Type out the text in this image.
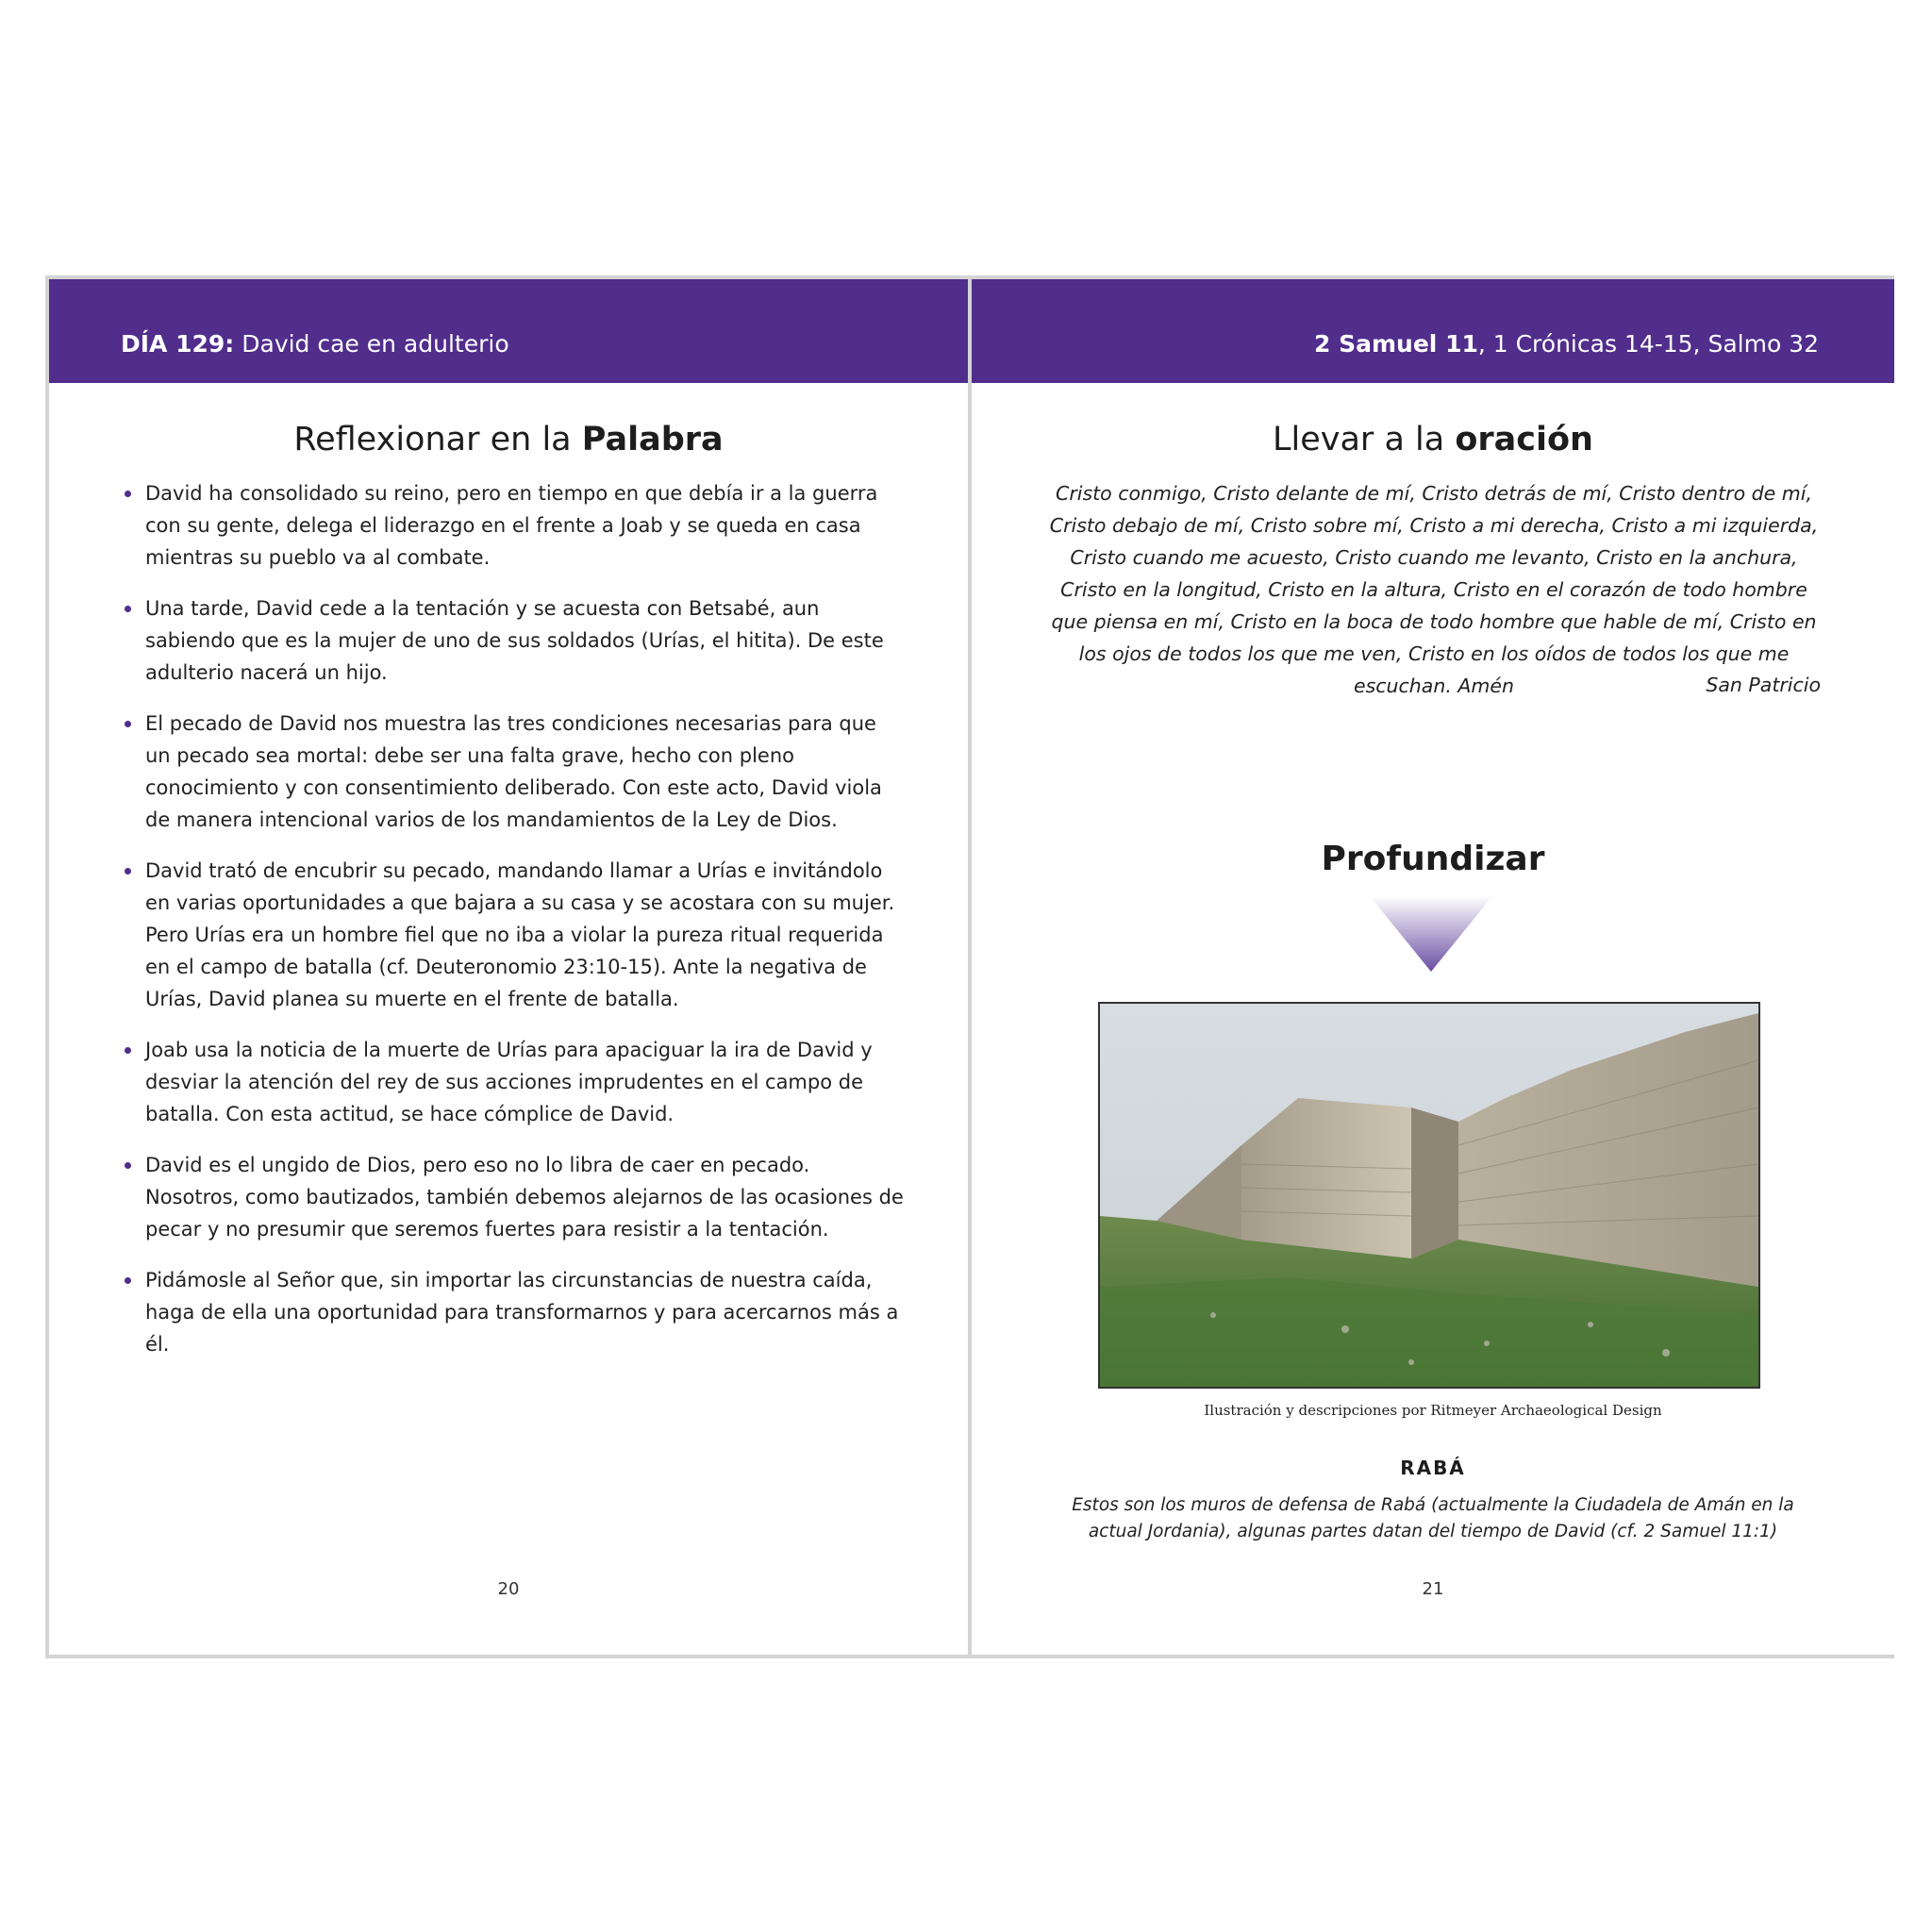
DÍA 129: David cae en adulterio
Reflexionar en la Palabra
David ha consolidado su reino, pero en tiempo en que debía ir a la guerra con su gente, delega el liderazgo en el frente a Joab y se queda en casa mientras su pueblo va al combate.
Una tarde, David cede a la tentación y se acuesta con Betsabé, aun sabiendo que es la mujer de uno de sus soldados (Urías, el hitita). De este adulterio nacerá un hijo.
El pecado de David nos muestra las tres condiciones necesarias para que un pecado sea mortal: debe ser una falta grave, hecho con pleno conocimiento y con consentimiento deliberado. Con este acto, David viola de manera intencional varios de los mandamientos de la Ley de Dios.
David trató de encubrir su pecado, mandando llamar a Urías e invitándolo en varias oportunidades a que bajara a su casa y se acostara con su mujer. Pero Urías era un hombre fiel que no iba a violar la pureza ritual requerida en el campo de batalla (cf. Deuteronomio 23:10-15). Ante la negativa de Urías, David planea su muerte en el frente de batalla.
Joab usa la noticia de la muerte de Urías para apaciguar la ira de David y desviar la atención del rey de sus acciones imprudentes en el campo de batalla. Con esta actitud, se hace cómplice de David.
David es el ungido de Dios, pero eso no lo libra de caer en pecado. Nosotros, como bautizados, también debemos alejarnos de las ocasiones de pecar y no presumir que seremos fuertes para resistir a la tentación.
Pidámosle al Señor que, sin importar las circunstancias de nuestra caída, haga de ella una oportunidad para transformarnos y para acercarnos más a él.
20
2 Samuel 11 , 1 Crónicas 14-15, Salmo 32
Llevar a la oración

Cristo conmigo, Cristo delante de mí, Cristo detrás de mí, Cristo dentro de mí, Cristo debajo de mí, Cristo sobre mí, Cristo a mi derecha, Cristo a mi izquierda, Cristo cuando me acuesto, Cristo cuando me levanto, Cristo en la anchura, Cristo en la longitud, Cristo en la altura, Cristo en el corazón de todo hombre que piensa en mí, Cristo en la boca de todo hombre que hable de mí, Cristo en los ojos de todos los que me ven, Cristo en los oídos de todos los que me escuchan. Amén	San Patricio
Profundizar
Ilustración y descripciones por Ritmeyer Archaeological Design
RABÁ

Estos son los muros de defensa de Rabá (actualmente la Ciudadela de Amán en la actual Jordania), algunas partes datan del tiempo de David (cf. 2 Samuel 11:1)

21
